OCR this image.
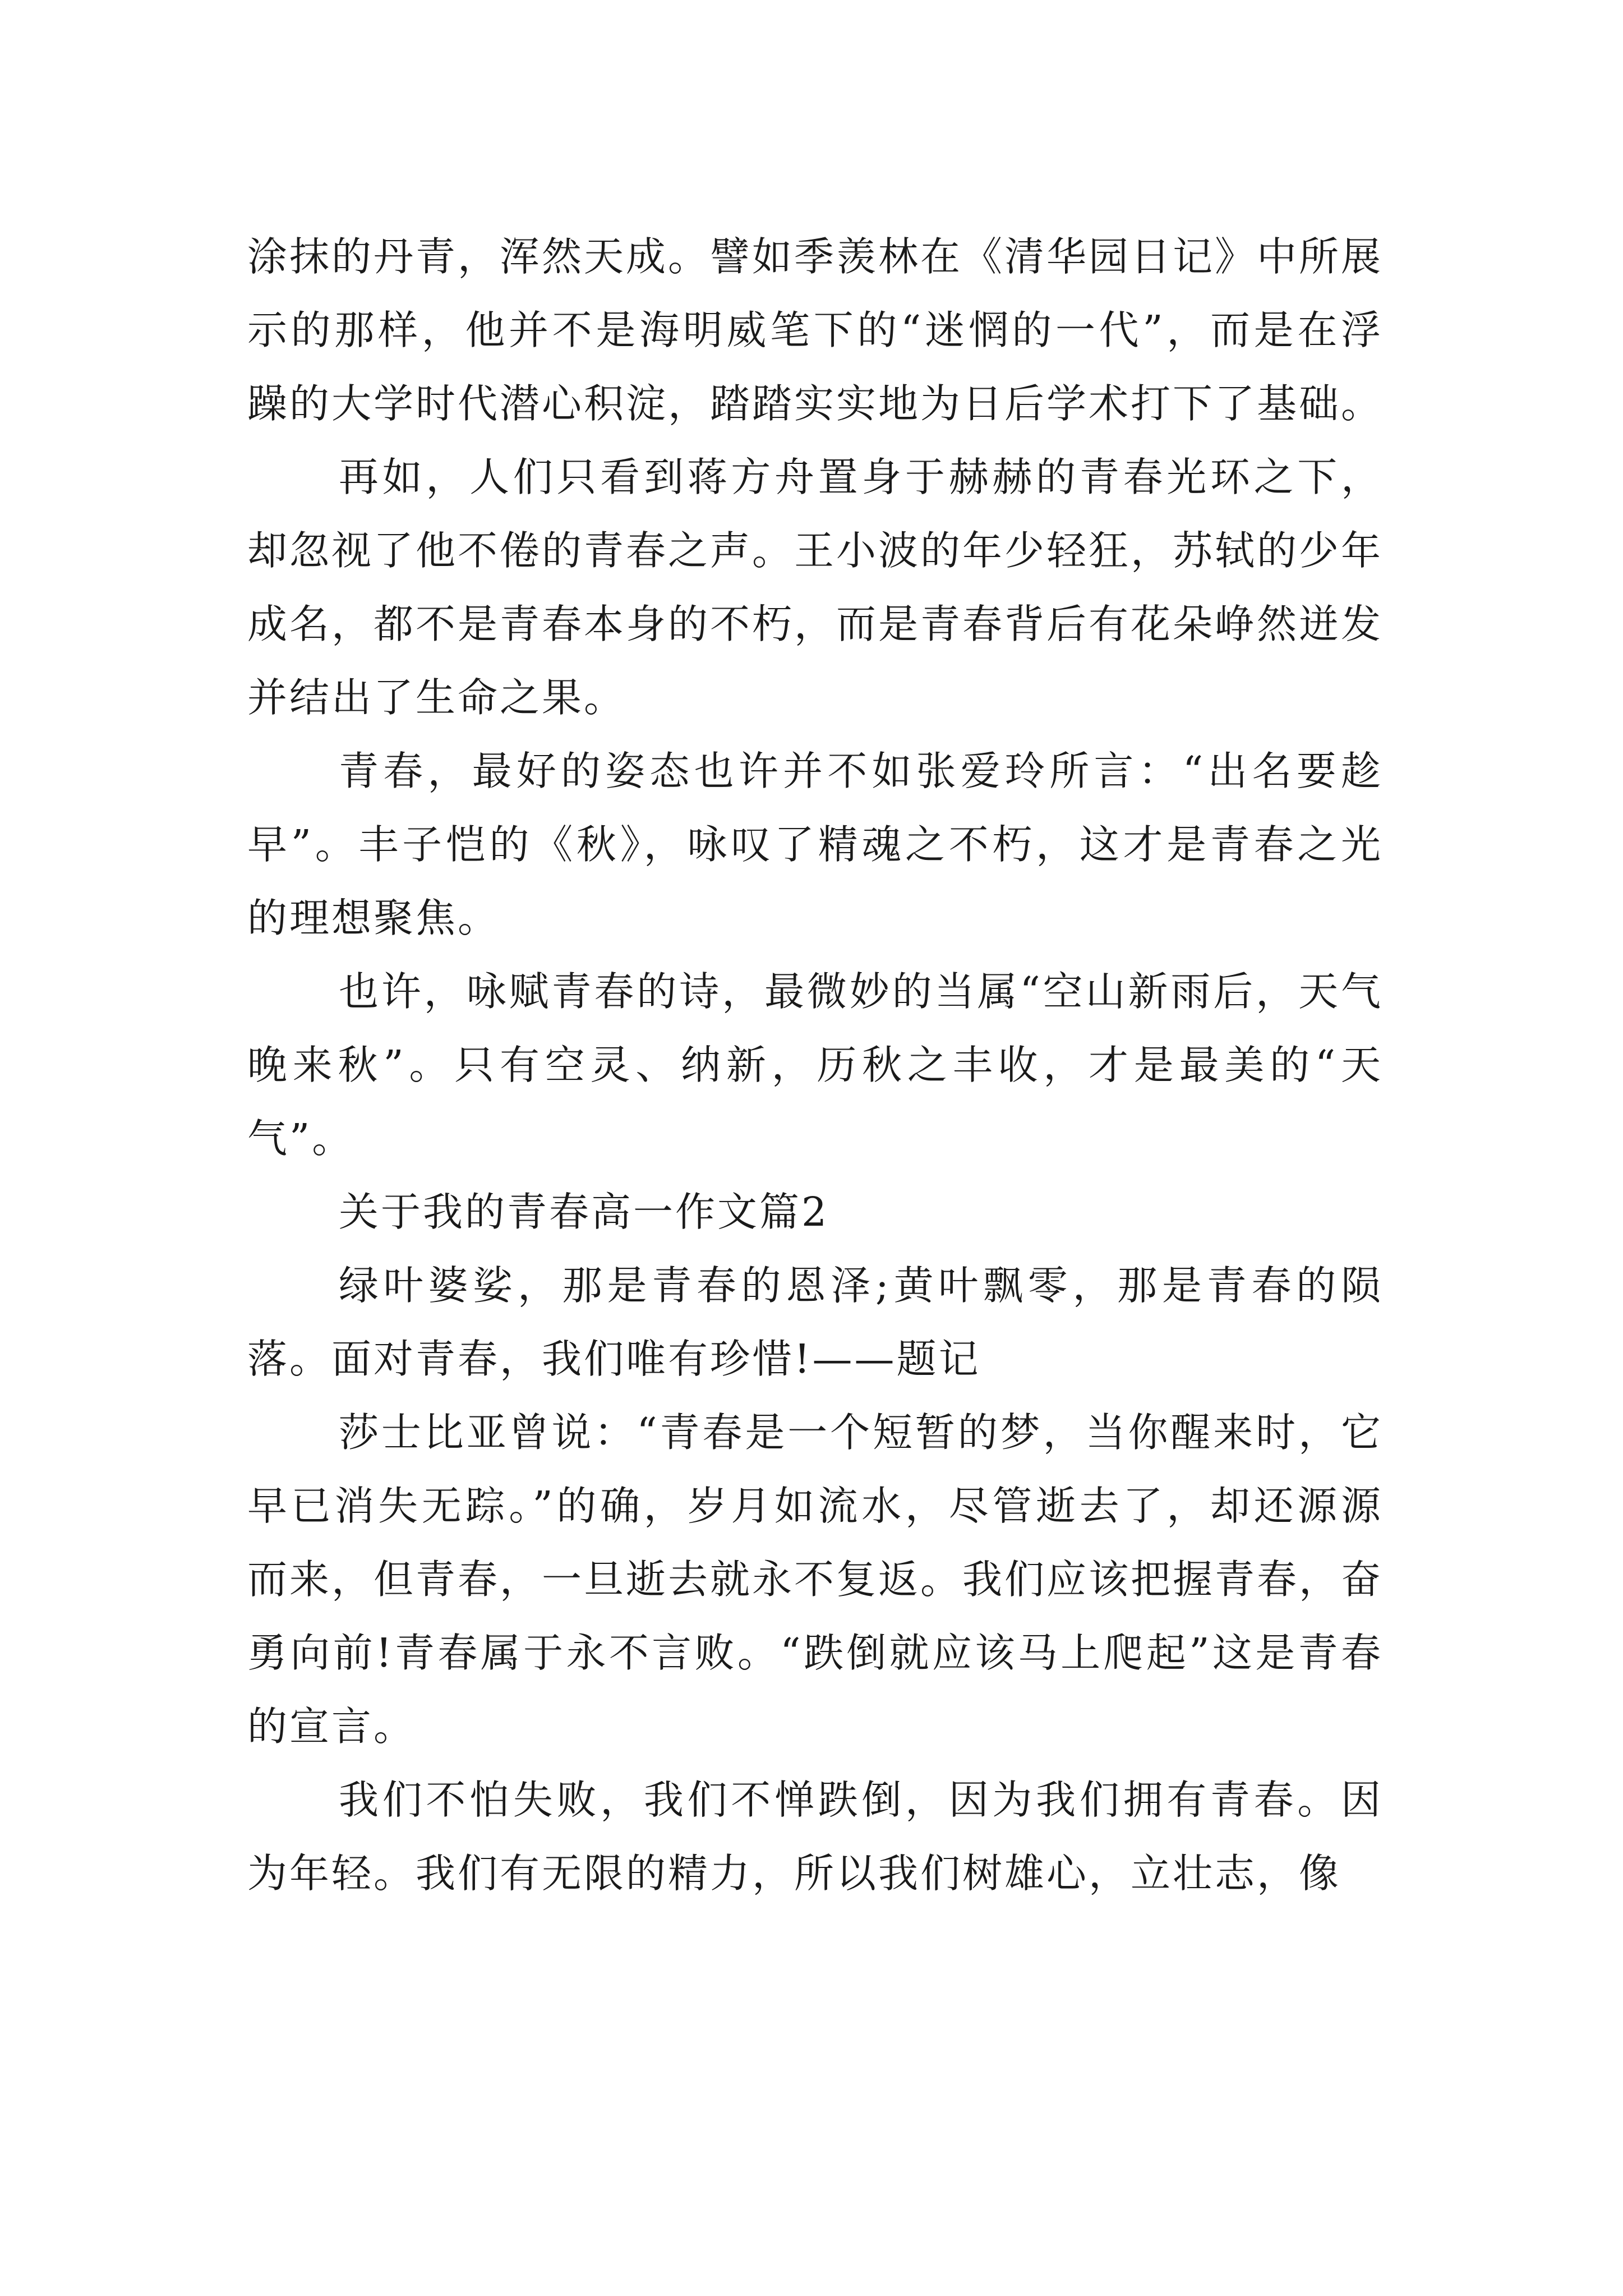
涂抹的丹青，浑然天成。譬如季羡林在《清华园日记》中所展示的那样，他并不是海明威笔下的“迷惘的一代”，而是在浮躁的大学时代潜心积淀，踏踏实实地为日后学术打下了基础。

再如，人们只看到蒋方舟置身于赫赫的青春光环之下，却忽视了他不倦的青春之声。王小波的年少轻狂，苏轼的少年成名，都不是青春本身的不朽，而是青春背后有花朵峥然迸发并结出了生命之果。

青春，最好的姿态也许并不如张爱玲所言：“出名要趁早”。丰子恺的《秋》，咏叹了精魂之不朽，这才是青春之光的理想聚焦。

也许，咏赋青春的诗，最微妙的当属“空山新雨后，天气晚来秋”。只有空灵、纳新，历秋之丰收，才是最美的“天气”。

关于我的青春高一作文篇2

绿叶婆娑，那是青春的恩泽;黄叶飘零，那是青春的陨落。面对青春，我们唯有珍惜!——题记

莎士比亚曾说：“青春是一个短暂的梦，当你醒来时，它早已消失无踪。”的确，岁月如流水，尽管逝去了，却还源源而来，但青春，一旦逝去就永不复返。我们应该把握青春，奋勇向前!青春属于永不言败。“跌倒就应该马上爬起”这是青春的宣言。

我们不怕失败，我们不惮跌倒，因为我们拥有青春。因为年轻。我们有无限的精力，所以我们树雄心，立壮志，像
